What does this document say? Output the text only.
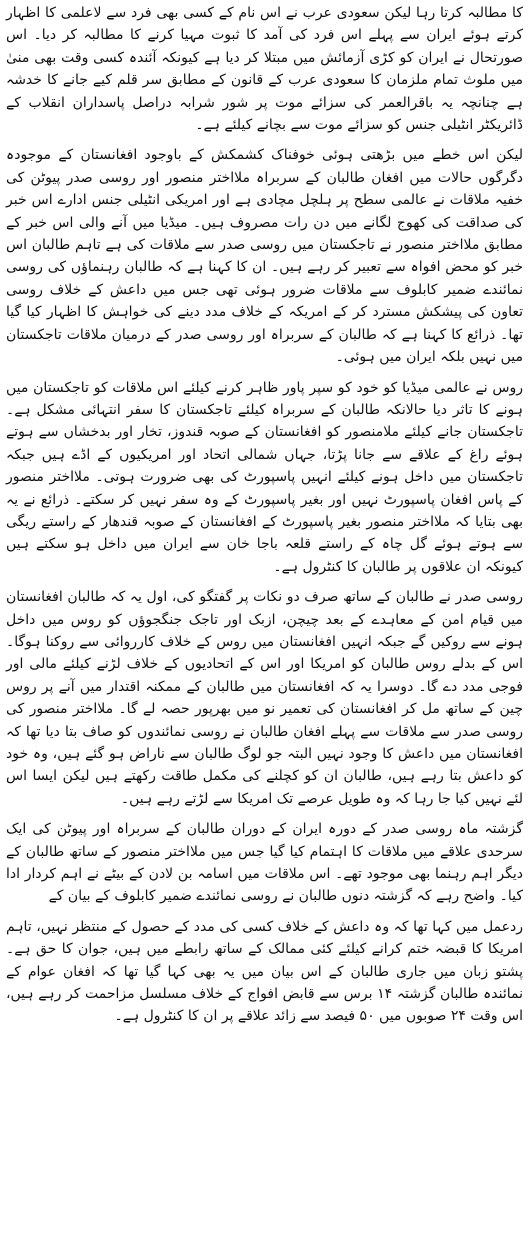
کا مطالبہ کرتا رہا لیکن سعودی عرب نے اس نام کے کسی بھی فرد سے لاعلمی کا اظہار کرتے ہوئے ایران سے پہلے اس فرد کی آمد کا ثبوت مہیا کرنے کا مطالبہ کر دیا۔ اس صورتحال نے ایران کو کڑی آزمائش میں مبتلا کر دیا ہے کیونکہ آئندہ کسی وقت بھی منیٰ میں ملوث تمام ملزمان کا سعودی عرب کے قانون کے مطابق سر قلم کیے جانے کا خدشہ ہے چنانچہ یہ باقرالعمر کی سزائے موت پر شور شرابہ دراصل پاسداران انقلاب کے ڈائریکٹر انٹیلی جنس کو سزائے موت سے بچانے کیلئے ہے۔

لیکن اس خطے میں بڑھتی ہوئی خوفناک کشمکش کے باوجود افغانستان کے موجودہ دگرگوں حالات میں افغان طالبان کے سربراہ ملااختر منصور اور روسی صدر پیوٹن کی خفیہ ملاقات نے عالمی سطح پر ہلچل مچادی ہے اور امریکی انٹیلی جنس ادارے اس خبر کی صداقت کی کھوج لگانے میں دن رات مصروف ہیں۔ میڈیا میں آنے والی اس خبر کے مطابق ملااختر منصور نے تاجکستان میں روسی صدر سے ملاقات کی ہے تاہم طالبان اس خبر کو محض افواہ سے تعبیر کر رہے ہیں۔ ان کا کہنا ہے کہ طالبان رہنماؤں کی روسی نمائندے ضمیر کابلوف سے ملاقات ضرور ہوئی تھی جس میں داعش کے خلاف روسی تعاون کی پیشکش مسترد کر کے امریکہ کے خلاف مدد دینے کی خواہش کا اظہار کیا گیا تھا۔ ذرائع کا کہنا ہے کہ طالبان کے سربراہ اور روسی صدر کے درمیان ملاقات تاجکستان میں نہیں بلکہ ایران میں ہوئی۔

روس نے عالمی میڈیا کو خود کو سپر پاور ظاہر کرنے کیلئے اس ملاقات کو تاجکستان میں ہونے کا تاثر دیا حالانکہ طالبان کے سربراہ کیلئے تاجکستان کا سفر انتہائی مشکل ہے۔ تاجکستان جانے کیلئے ملامنصور کو افغانستان کے صوبہ قندوز، تخار اور بدخشاں سے ہوتے ہوئے راغ کے علاقے سے جانا پڑتا، جہاں شمالی اتحاد اور امریکیوں کے اڈے ہیں جبکہ تاجکستان میں داخل ہونے کیلئے انہیں پاسپورٹ کی بھی ضرورت ہوتی۔ ملااختر منصور کے پاس افغان پاسپورٹ نہیں اور بغیر پاسپورٹ کے وہ سفر نہیں کر سکتے۔ ذرائع نے یہ بھی بتایا کہ ملااختر منصور بغیر پاسپورٹ کے افغانستان کے صوبہ قندھار کے راستے ریگی سے ہوتے ہوئے گل چاہ کے راستے قلعہ باجا خان سے ایران میں داخل ہو سکتے ہیں کیونکہ ان علاقوں پر طالبان کا کنٹرول ہے۔

روسی صدر نے طالبان کے ساتھ صرف دو نکات پر گفتگو کی، اول یہ کہ طالبان افغانستان میں قیام امن کے معاہدے کے بعد چیچن، ازبک اور تاجک جنگجوؤں کو روس میں داخل ہونے سے روکیں گے جبکہ انہیں افغانستان میں روس کے خلاف کارروائی سے روکنا ہوگا۔ اس کے بدلے روس طالبان کو امریکا اور اس کے اتحادیوں کے خلاف لڑنے کیلئے مالی اور فوجی مدد دے گا۔ دوسرا یہ کہ افغانستان میں طالبان کے ممکنہ اقتدار میں آنے پر روس چین کے ساتھ مل کر افغانستان کی تعمیر نو میں بھرپور حصہ لے گا۔ ملااختر منصور کی روسی صدر سے ملاقات سے پہلے افغان طالبان نے روسی نمائندوں کو صاف بتا دیا تھا کہ افغانستان میں داعش کا وجود نہیں البتہ جو لوگ طالبان سے ناراض ہو گئے ہیں، وہ خود کو داعش بتا رہے ہیں، طالبان ان کو کچلنے کی مکمل طاقت رکھتے ہیں لیکن ایسا اس لئے نہیں کیا جا رہا کہ وہ طویل عرصے تک امریکا سے لڑتے رہے ہیں۔

گزشتہ ماہ روسی صدر کے دورہ ایران کے دوران طالبان کے سربراہ اور پیوٹن کی ایک سرحدی علاقے میں ملاقات کا اہتمام کیا گیا جس میں ملااختر منصور کے ساتھ طالبان کے دیگر اہم رہنما بھی موجود تھے۔ اس ملاقات میں اسامہ بن لادن کے بیٹے نے اہم کردار ادا کیا۔ واضح رہے کہ گزشتہ دنوں طالبان نے روسی نمائندے ضمیر کابلوف کے بیان کے

ردعمل میں کہا تھا کہ وہ داعش کے خلاف کسی کی مدد کے حصول کے منتظر نہیں، تاہم امریکا کا قبضہ ختم کرانے کیلئے کئی ممالک کے ساتھ رابطے میں ہیں، جوان کا حق ہے۔ پشتو زبان میں جاری طالبان کے اس بیان میں یہ بھی کہا گیا تھا کہ افغان عوام کے نمائندہ طالبان گزشتہ ۱۴ برس سے قابض افواج کے خلاف مسلسل مزاحمت کر رہے ہیں، اس وقت ۲۴ صوبوں میں ۵۰ فیصد سے زائد علاقے پر ان کا کنٹرول ہے۔
